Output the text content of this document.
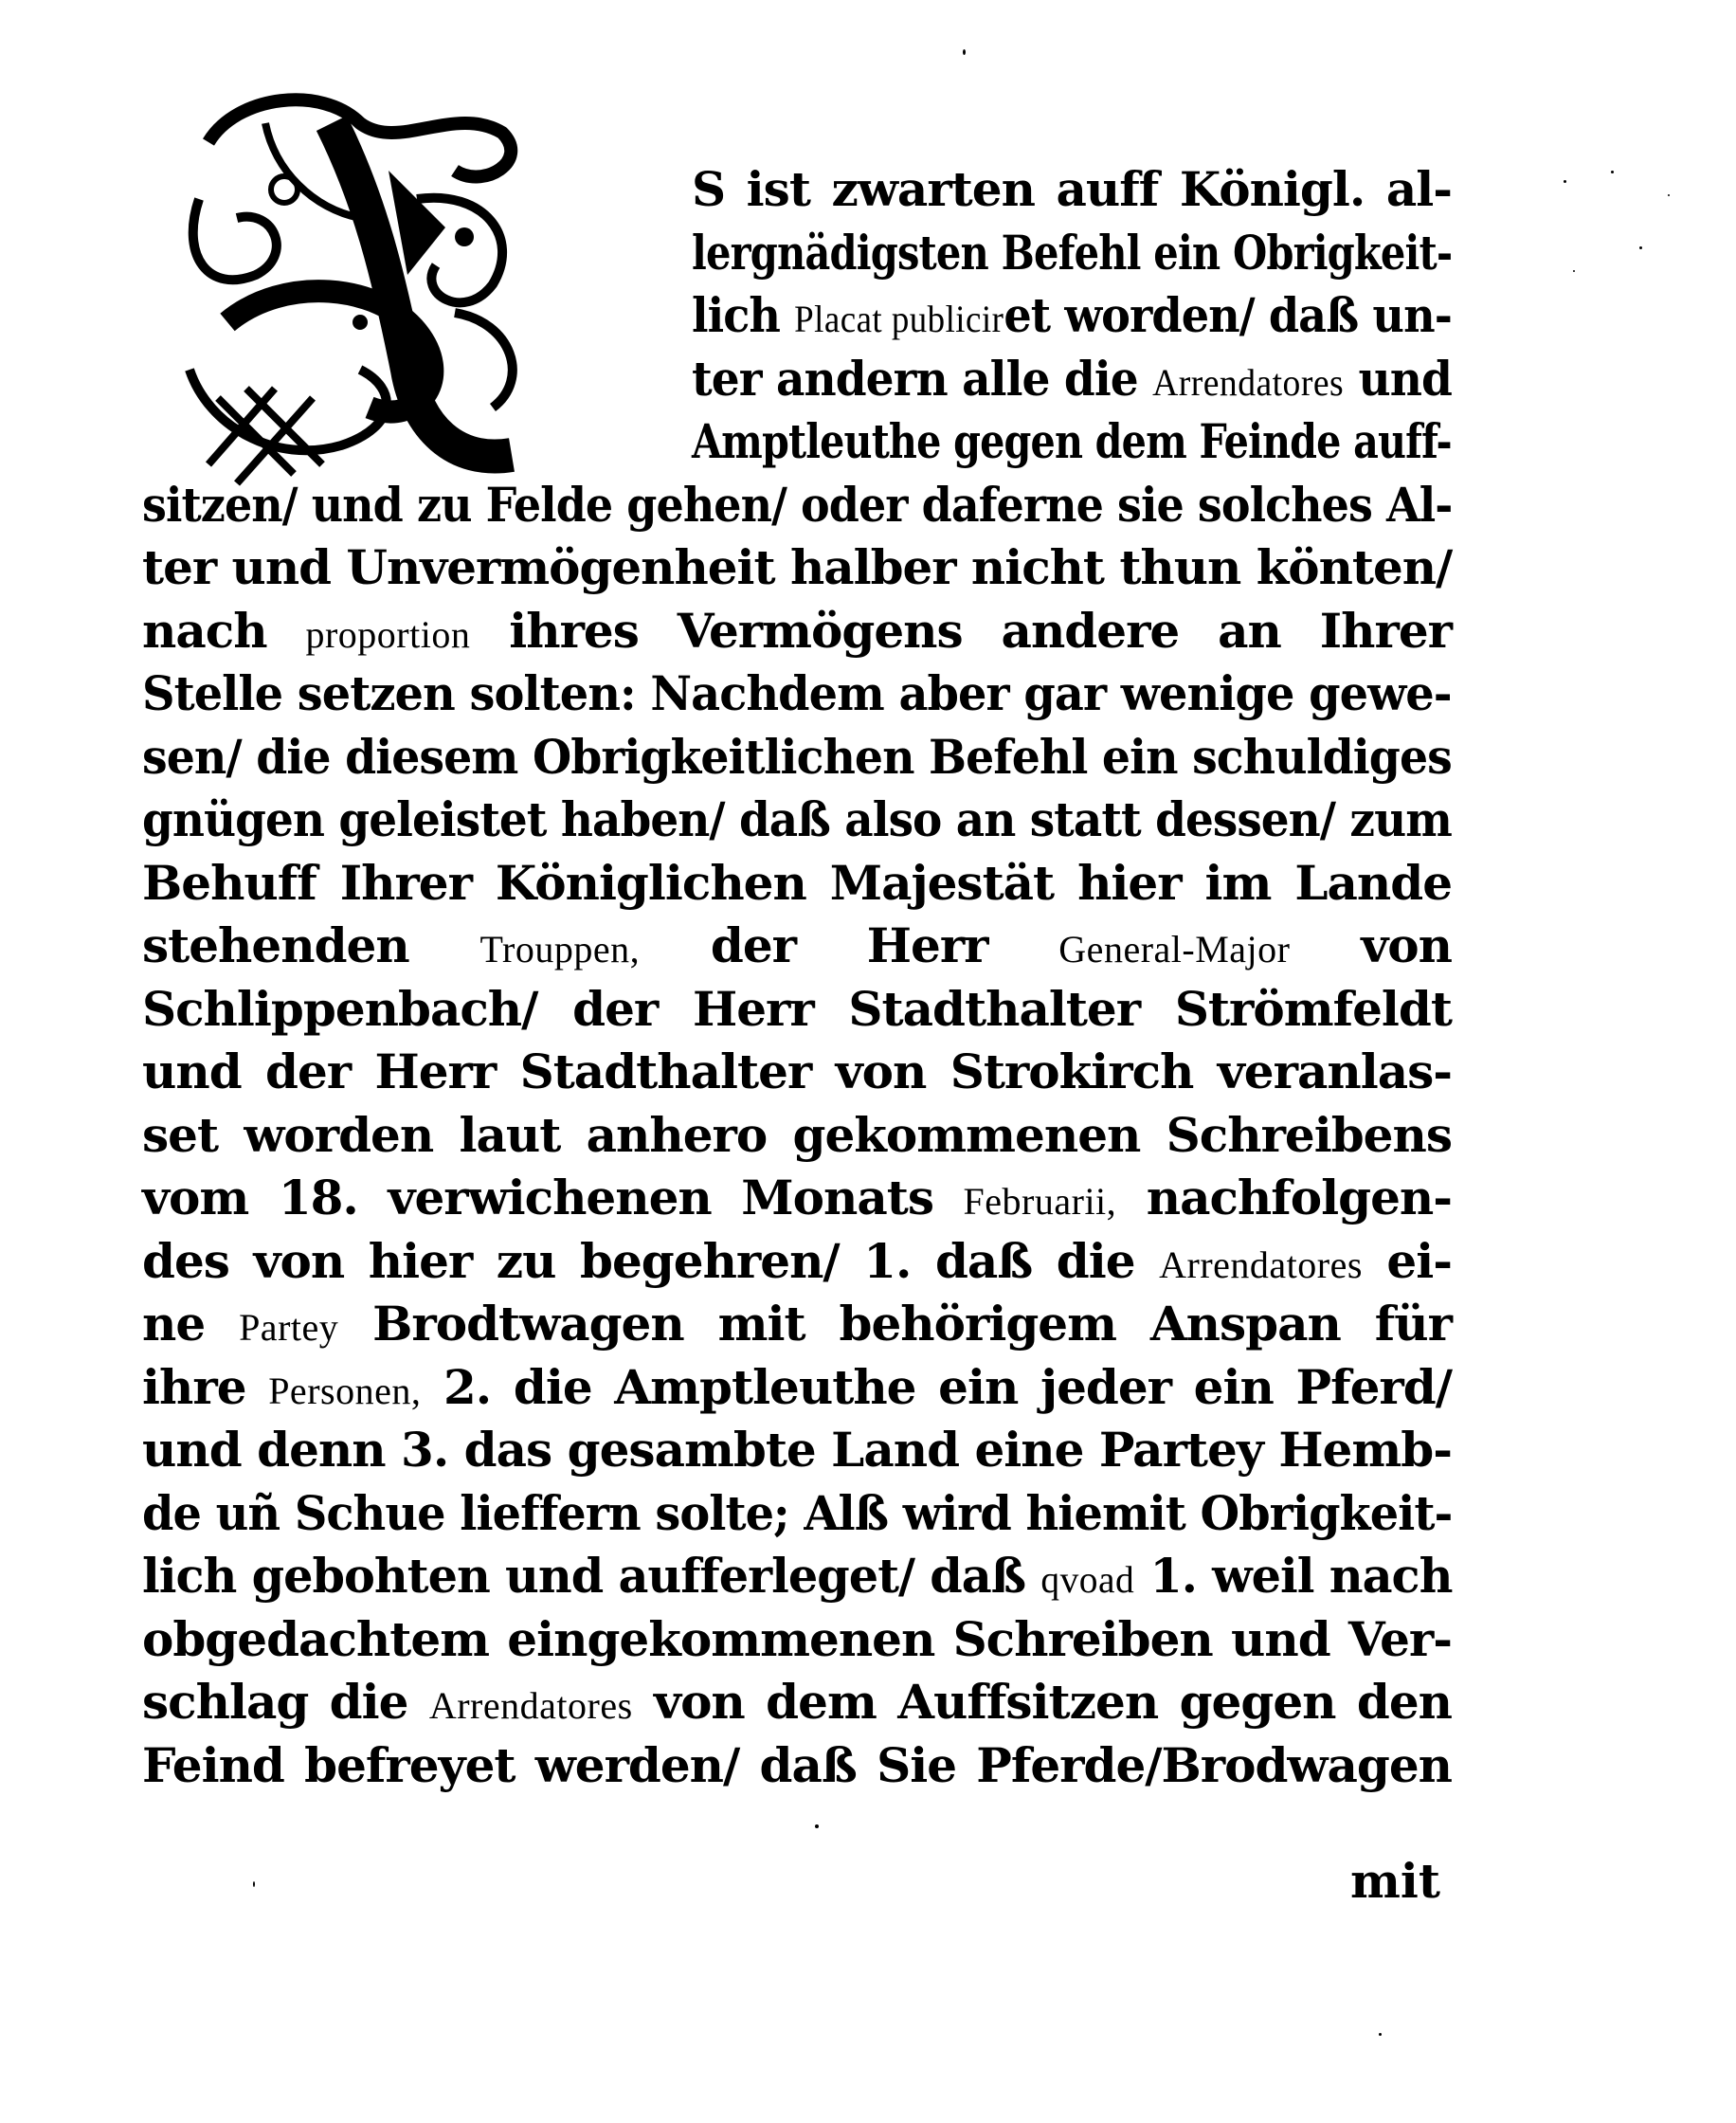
S ist zwarten auff Königl. al-
lergnädigsten Befehl ein Obrigkeit-
lich Placat publiciret worden/ daß un-
ter andern alle die Arrendatores und
Amptleuthe gegen dem Feinde auff-
sitzen/ und zu Felde gehen/ oder daferne sie solches Al-
ter und Unvermögenheit halber nicht thun könten/
nach proportion ihres Vermögens andere an Ihrer
Stelle setzen solten: Nachdem aber gar wenige gewe-
sen/ die diesem Obrigkeitlichen Befehl ein schuldiges
gnügen geleistet haben/ daß also an statt dessen/ zum
Behuff Ihrer Königlichen Majestät hier im Lande
stehenden Trouppen, der Herr General-Major von
Schlippenbach/ der Herr Stadthalter Strömfeldt
und der Herr Stadthalter von Strokirch veranlas-
set worden laut anhero gekommenen Schreibens
vom 18. verwichenen Monats Februarii, nachfolgen-
des von hier zu begehren/ 1. daß die Arrendatores ei-
ne Partey Brodtwagen mit behörigem Anspan für
ihre Personen, 2. die Amptleuthe ein jeder ein Pferd/
und denn 3. das gesambte Land eine Partey Hemb-
de uñ Schue lieffern solte; Alß wird hiemit Obrigkeit-
lich gebohten und aufferleget/ daß qvoad 1. weil nach
obgedachtem eingekommenen Schreiben und Ver-
schlag die Arrendatores von dem Auffsitzen gegen den
Feind befreyet werden/ daß Sie Pferde/Brodwagen
mit
